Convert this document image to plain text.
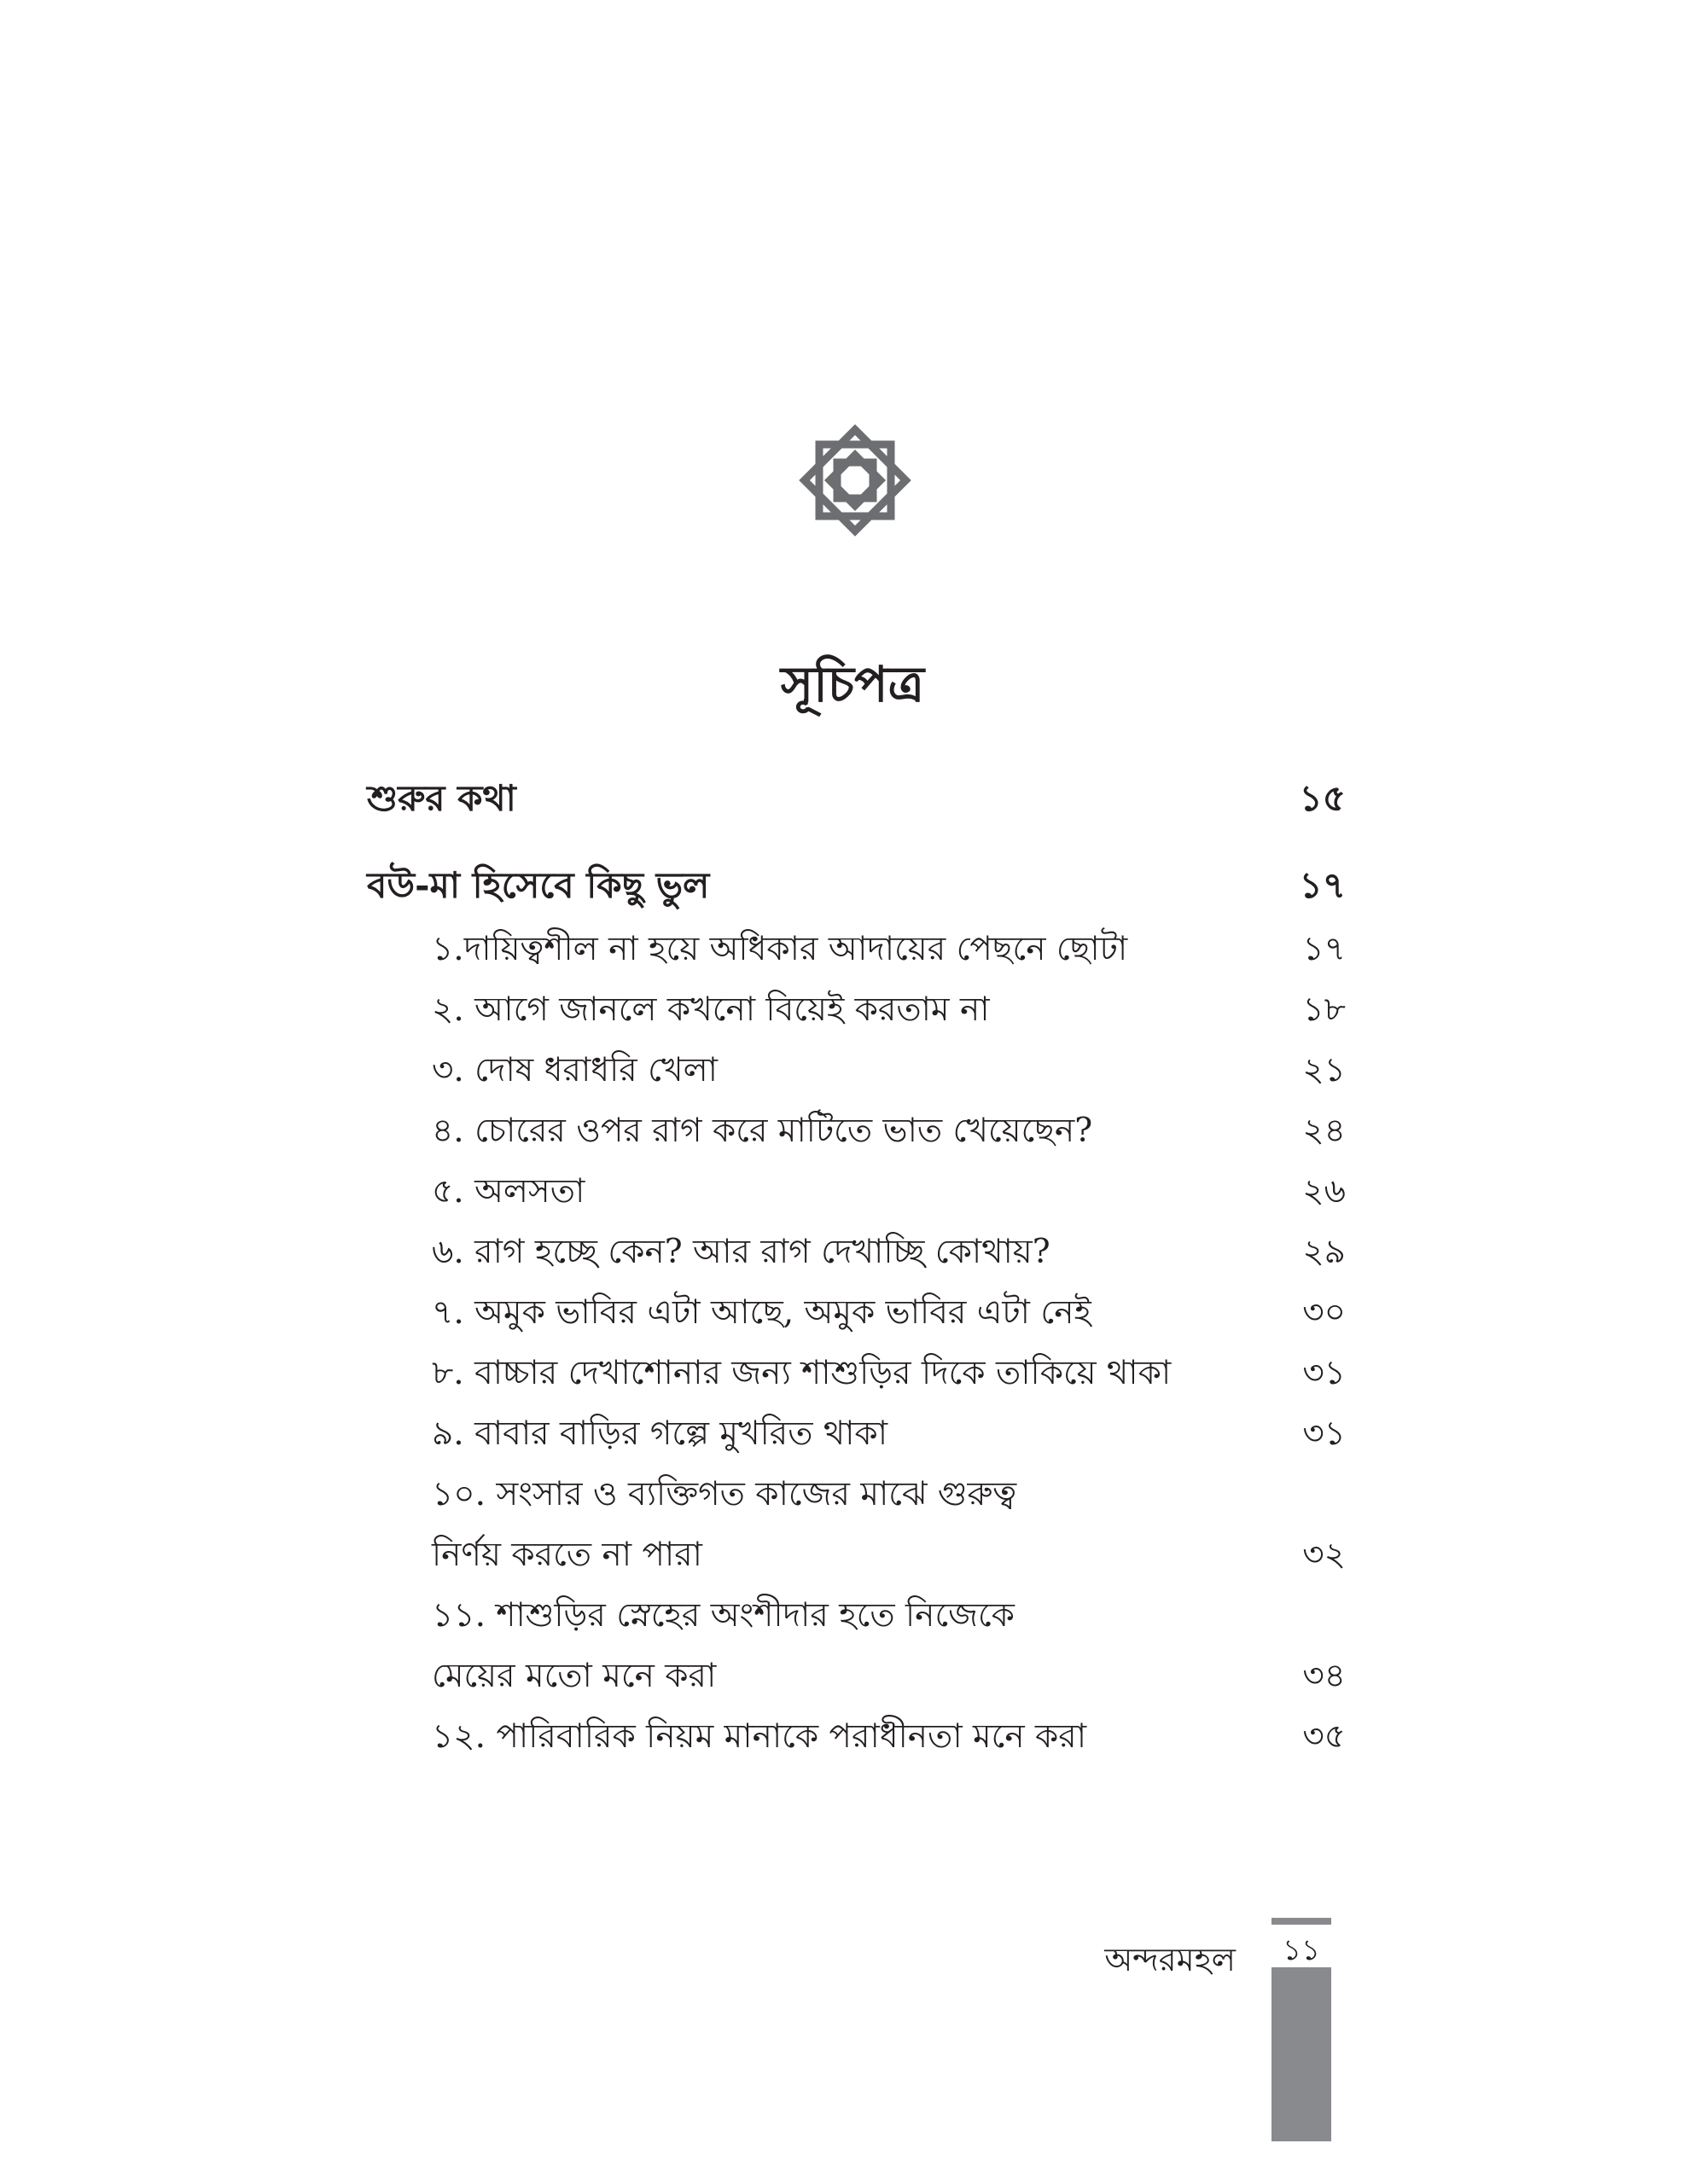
সূচিপত্র
শুরুর কথা	১৫
বউ-মা হিসেবে কিছু ভুল	১৭
১.দায়িত্বশীল না হয়ে অধিকার আদায়ের পেছনে ছোটা	১৭
২. আগে জানলে কখনো বিয়েই করতাম না	১৮
৩. দোষ ধরাধরি খেলা	২১
৪. চোরের ওপর রাগ করে মাটিতে ভাত খেয়েছেন?	২৪
৫. অলসতা	২৬
৬. রাগ হচ্ছে কেন? আর রাগ দেখাচ্ছি কোথায়?	২৯
৭. অমুক ভাবির এটা আছে, অমুক ভাবির এটা নেই	৩০
৮. বাচ্চার দেখাশোনার জন্য শাশুড়ির দিকে তাকিয়ে থাকা	৩১
৯. বাবার বাড়ির গল্পে মুখরিত থাকা	৩১
১০. সংসার ও ব্যক্তিগত কাজের মাঝে গুরুত্ব
নির্ণয় করতে না পারা	৩২
১১. শাশুড়ির স্নেহের অংশীদার হতে নিজেকে
মেয়ের মতো মনে করা	৩৪
১২. পারিবারিক নিয়ম মানাকে পরাধীনতা মনে করা	৩৫
অন্দরমহল	১১
